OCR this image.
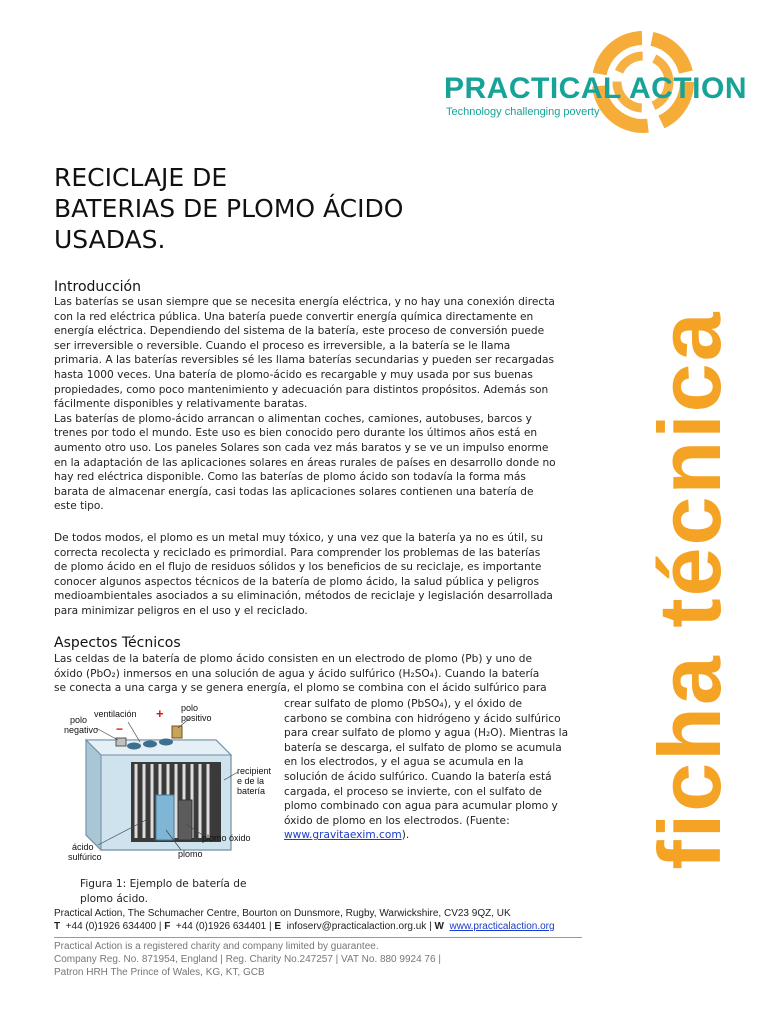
PRACTICAL ACTION
Technology challenging poverty
ficha técnica
RECICLAJE DE
BATERIAS DE PLOMO ÁCIDO
USADAS.
Introducción
Las baterías se usan siempre que se necesita energía eléctrica, y no hay una conexión directa
con la red eléctrica pública. Una batería puede convertir energía química directamente en
energía eléctrica. Dependiendo del sistema de la batería, este proceso de conversión puede
ser irreversible o reversible. Cuando el proceso es irreversible, a la batería se le llama
primaria. A las baterías reversibles sé les llama baterías secundarias y pueden ser recargadas
hasta 1000 veces. Una batería de plomo-ácido es recargable y muy usada por sus buenas
propiedades, como poco mantenimiento y adecuación para distintos propósitos. Además son
fácilmente disponibles y relativamente baratas.
Las baterías de plomo-ácido arrancan o alimentan coches, camiones, autobuses, barcos y
trenes por todo el mundo. Este uso es bien conocido pero durante los últimos años está en
aumento otro uso. Los paneles Solares son cada vez más baratos y se ve un impulso enorme
en la adaptación de las aplicaciones solares en áreas rurales de países en desarrollo donde no
hay red eléctrica disponible. Como las baterías de plomo ácido son todavía la forma más
barata de almacenar energía, casi todas las aplicaciones solares contienen una batería de
este tipo.
De todos modos, el plomo es un metal muy tóxico, y una vez que la batería ya no es útil, su
correcta recolecta y reciclado es primordial. Para comprender los problemas de las baterías
de plomo ácido en el flujo de residuos sólidos y los beneficios de su reciclaje, es importante
conocer algunos aspectos técnicos de la batería de plomo ácido, la salud pública y peligros
medioambientales asociados a su eliminación, métodos de reciclaje y legislación desarrollada
para minimizar peligros en el uso y el reciclado.
Aspectos Técnicos
Las celdas de la batería de plomo ácido consisten en un electrodo de plomo (Pb) y uno de
óxido (PbO₂) inmersos en una solución de agua y ácido sulfúrico (H₂SO₄). Cuando la batería
se conecta a una carga y se genera energía, el plomo se combina con el ácido sulfúrico para
crear sulfato de plomo (PbSO₄), y el óxido de
carbono se combina con hidrógeno y ácido sulfúrico
para crear sulfato de plomo y agua (H₂O). Mientras la
batería se descarga, el sulfato de plomo se acumula
en los electrodos, y el agua se acumula en la
solución de ácido sulfúrico. Cuando la batería está
cargada, el proceso se invierte, con el sulfato de
plomo combinado con agua para acumular plomo y
óxido de plomo en los electrodos. (Fuente:
www.gravitaexim.com).
ventilación
polo
positivo
+
−
polo
negativo
recipient
e de la
batería
plomo óxido
ácido
sulfúrico	plomo
Figura 1: Ejemplo de batería de
plomo ácido.
Practical Action, The Schumacher Centre, Bourton on Dunsmore, Rugby, Warwickshire, CV23 9QZ, UK
T +44 (0)1926 634400 | F +44 (0)1926 634401 | E infoserv@practicalaction.org.uk | W www.practicalaction.org
Practical Action is a registered charity and company limited by guarantee.
Company Reg. No. 871954, England | Reg. Charity No.247257 | VAT No. 880 9924 76 |
Patron HRH The Prince of Wales, KG, KT, GCB
